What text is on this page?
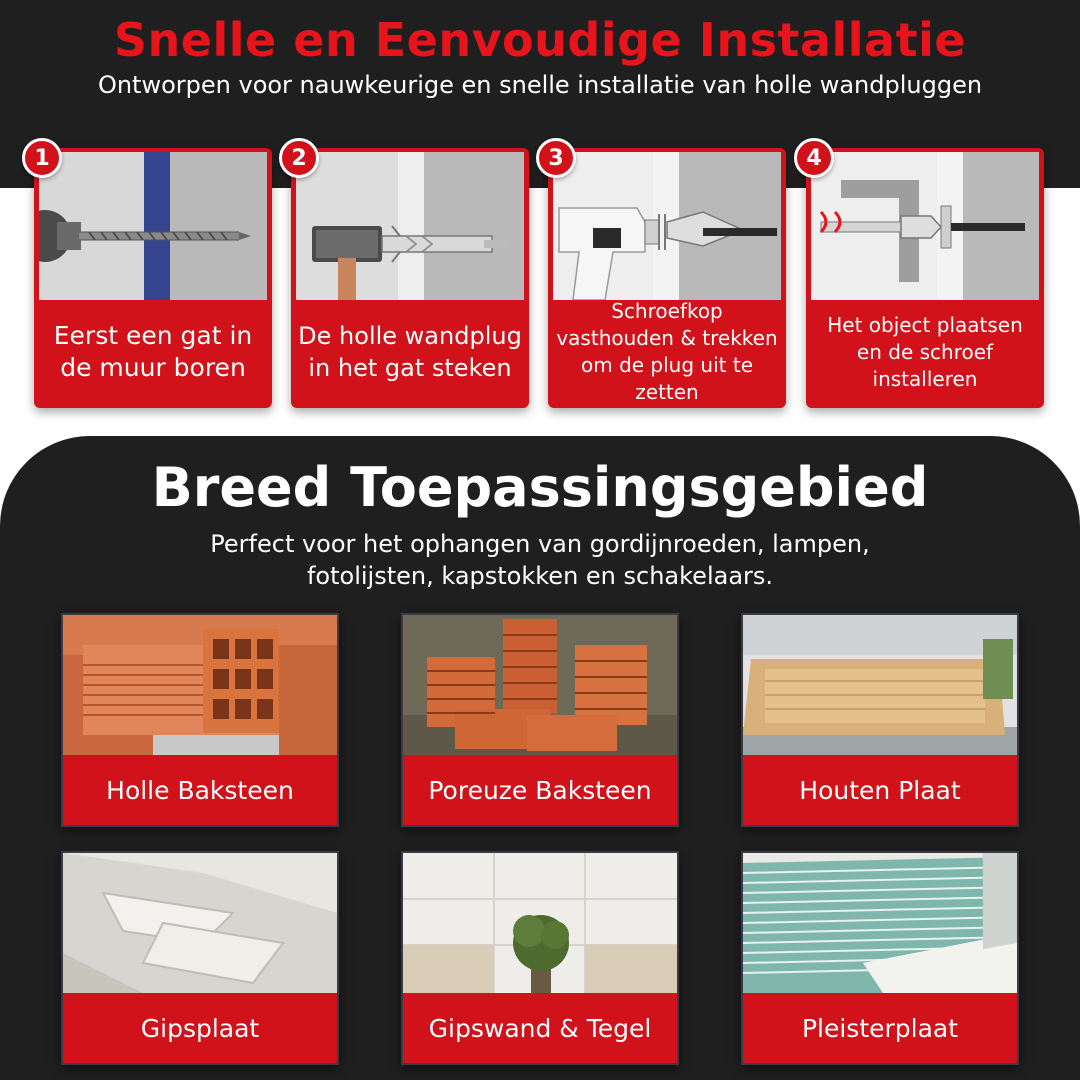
Snelle en Eenvoudige Installatie
Ontworpen voor nauwkeurige en snelle installatie van holle wandpluggen
Eerst een gat in de muur boren
1
De holle wandplug in het gat steken
2
Schroefkop vasthouden & trekken om de plug uit te zetten
3
Het object plaatsen en de schroef installeren
4
Breed Toepassingsgebied
Perfect voor het ophangen van gordijnroeden, lampen, fotolijsten, kapstokken en schakelaars.
Holle Baksteen	Poreuze Baksteen	Houten Plaat
Gipsplaat	Gipswand & Tegel	Pleisterplaat
